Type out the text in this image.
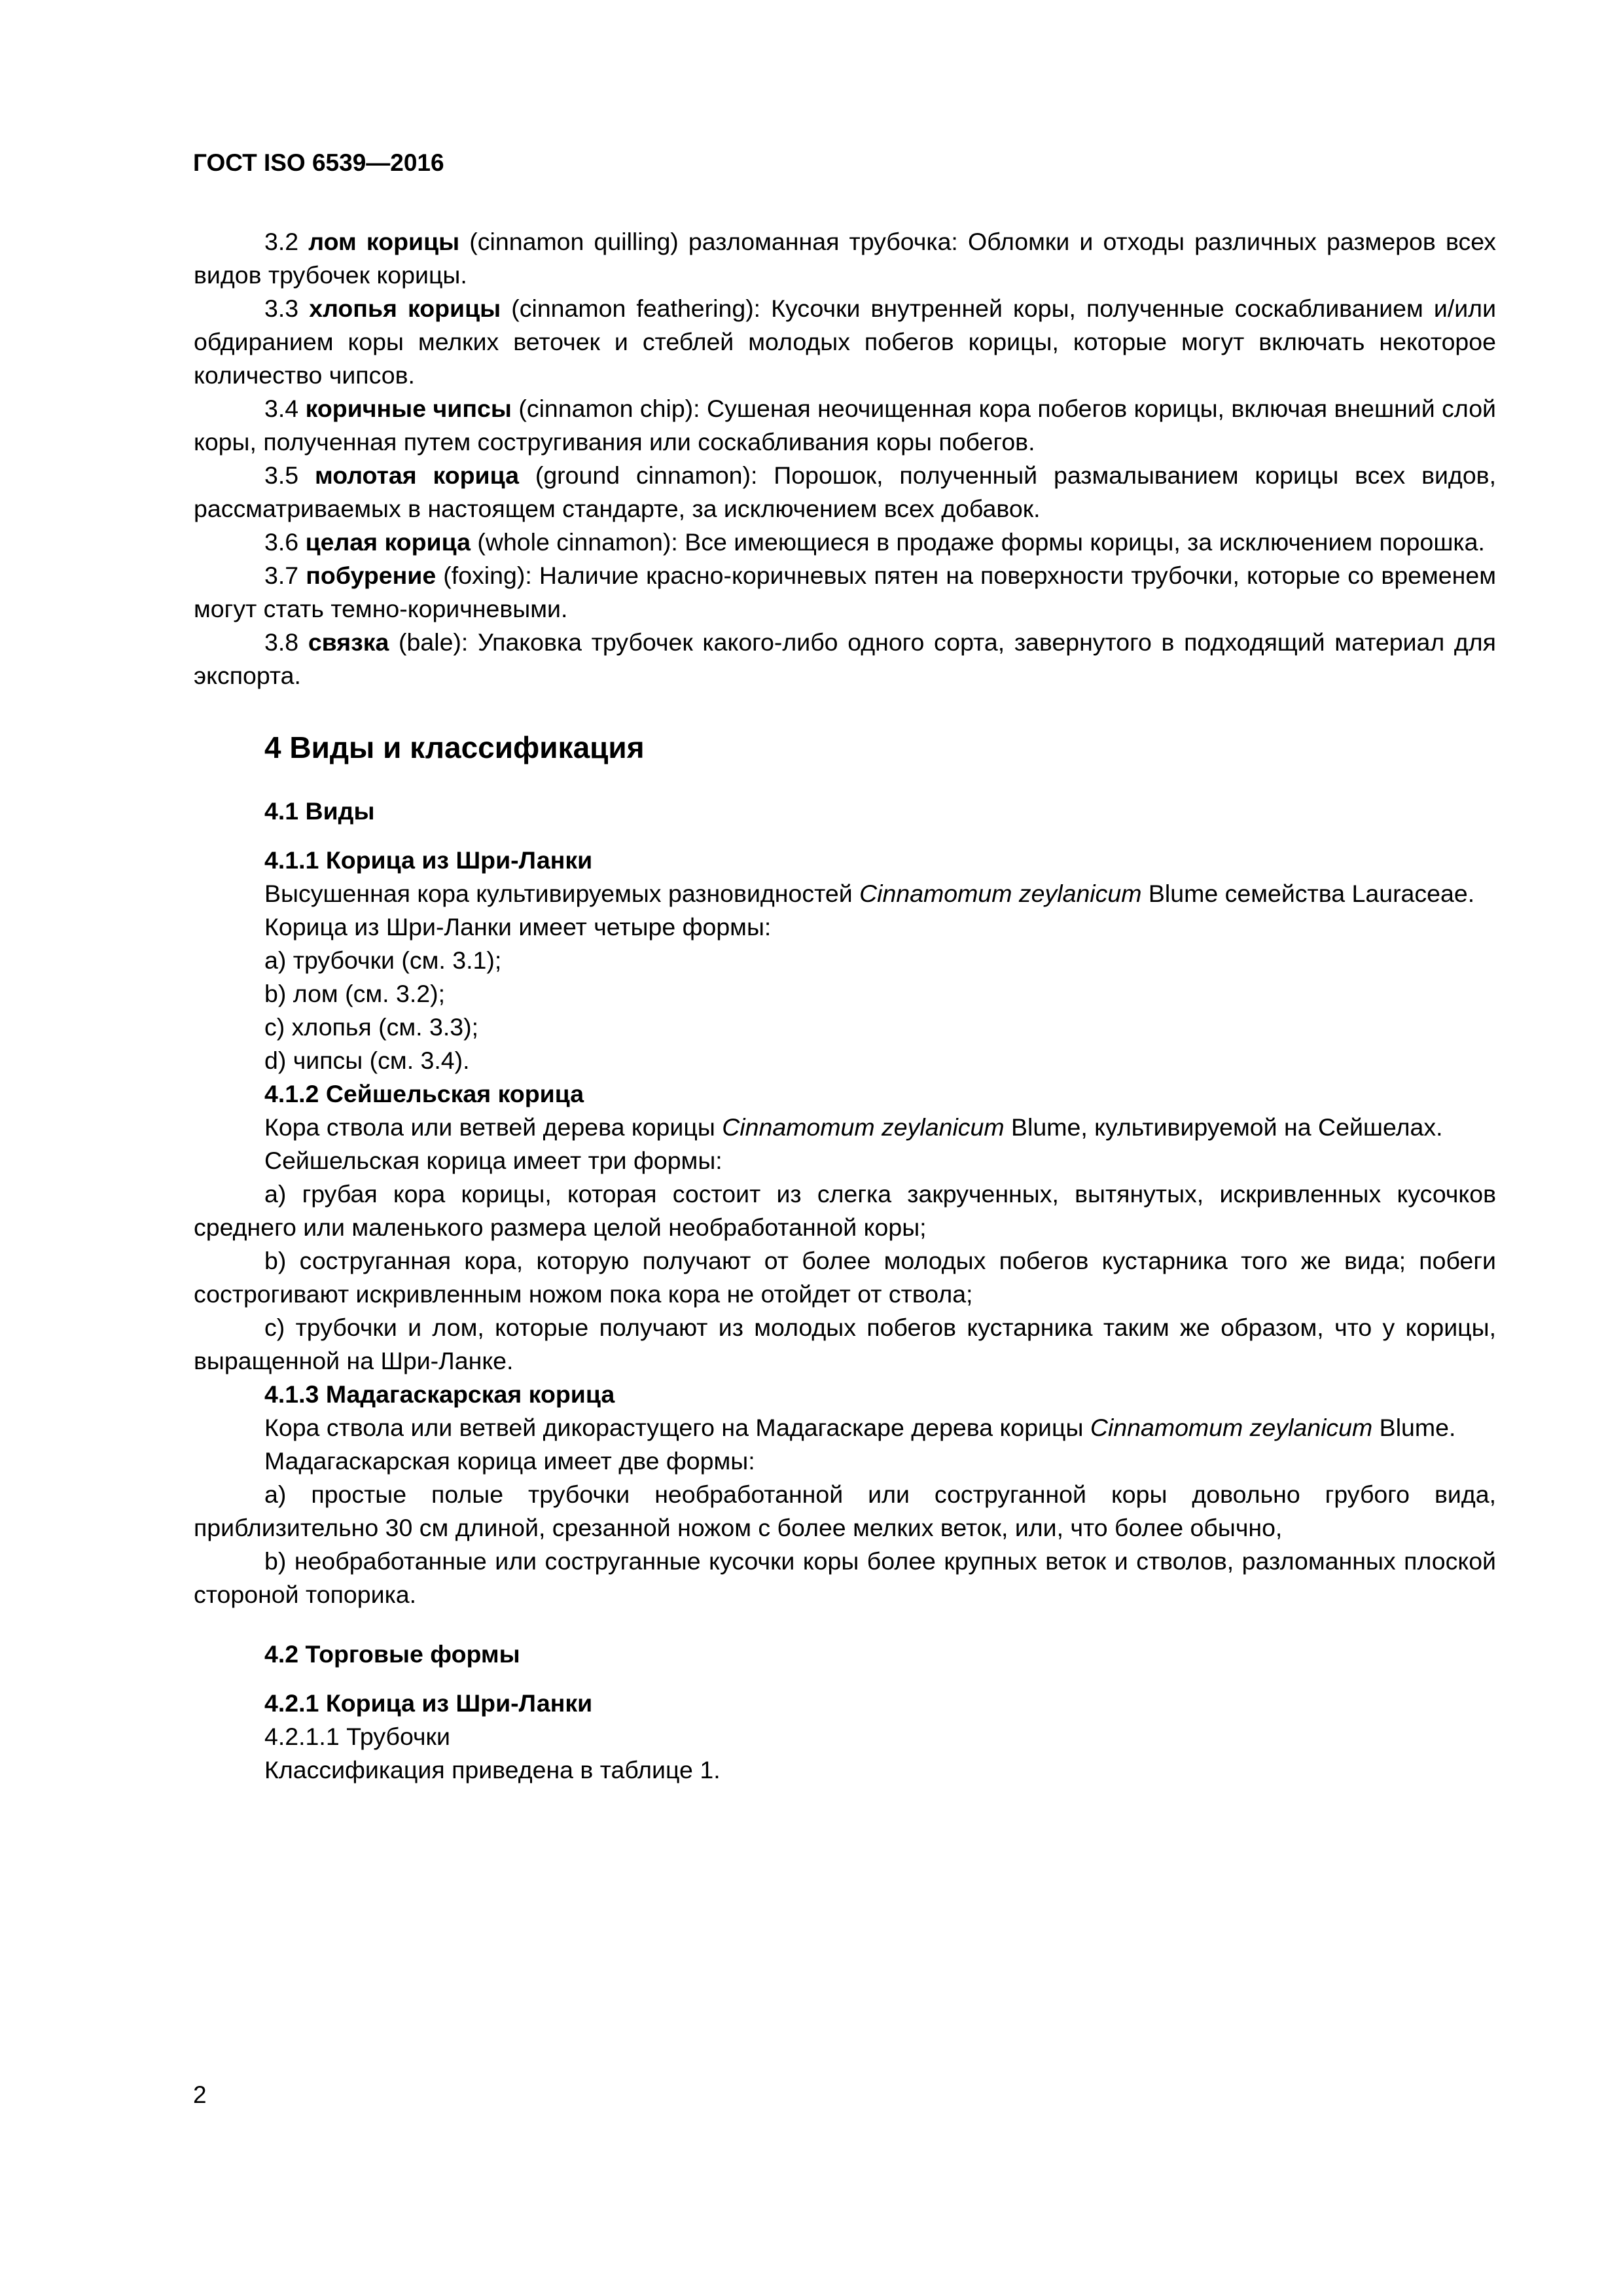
ГОСТ ISO 6539—2016

3.2 лом корицы (cinnamon quilling) разломанная трубочка: Обломки и отходы различных размеров всех видов трубочек корицы.

3.3 хлопья корицы (cinnamon feathering): Кусочки внутренней коры, полученные соскабливанием и/или обдиранием коры мелких веточек и стеблей молодых побегов корицы, которые могут включать некоторое количество чипсов.

3.4 коричные чипсы (cinnamon chip): Сушеная неочищенная кора побегов корицы, включая внешний слой коры, полученная путем состругивания или соскабливания коры побегов.

3.5 молотая корица (ground cinnamon): Порошок, полученный размалыванием корицы всех видов, рассматриваемых в настоящем стандарте, за исключением всех добавок.

3.6 целая корица (whole cinnamon): Все имеющиеся в продаже формы корицы, за исключением порошка.

3.7 побурение (foxing): Наличие красно-коричневых пятен на поверхности трубочки, которые со временем могут стать темно-коричневыми.

3.8 связка (bale): Упаковка трубочек какого-либо одного сорта, завернутого в подходящий материал для экспорта.

4 Виды и классификация

4.1 Виды

4.1.1 Корица из Шри-Ланки

Высушенная кора культивируемых разновидностей Cinnamomum zeylanicum Blume семейства Lauraceae.

Корица из Шри-Ланки имеет четыре формы:

а) трубочки (см. 3.1);

b) лом (см. 3.2);

с) хлопья (см. 3.3);

d) чипсы (см. 3.4).

4.1.2 Сейшельская корица

Кора ствола или ветвей дерева корицы Cinnamomum zeylanicum Blume, культивируемой на Сейшелах.

Сейшельская корица имеет три формы:

а) грубая кора корицы, которая состоит из слегка закрученных, вытянутых, искривленных кусочков среднего или маленького размера целой необработанной коры;

b) соструганная кора, которую получают от более молодых побегов кустарника того же вида; побеги сострогивают искривленным ножом пока кора не отойдет от ствола;

с) трубочки и лом, которые получают из молодых побегов кустарника таким же образом, что у корицы, выращенной на Шри-Ланке.

4.1.3 Мадагаскарская корица

Кора ствола или ветвей дикорастущего на Мадагаскаре дерева корицы Cinnamomum zeylanicum Blume.

Мадагаскарская корица имеет две формы:

а) простые полые трубочки необработанной или соструганной коры довольно грубого вида, приблизительно 30 см длиной, срезанной ножом с более мелких веток, или, что более обычно,

b) необработанные или соструганные кусочки коры более крупных веток и стволов, разломанных плоской стороной топорика.

4.2 Торговые формы

4.2.1 Корица из Шри-Ланки

4.2.1.1 Трубочки

Классификация приведена в таблице 1.

2
